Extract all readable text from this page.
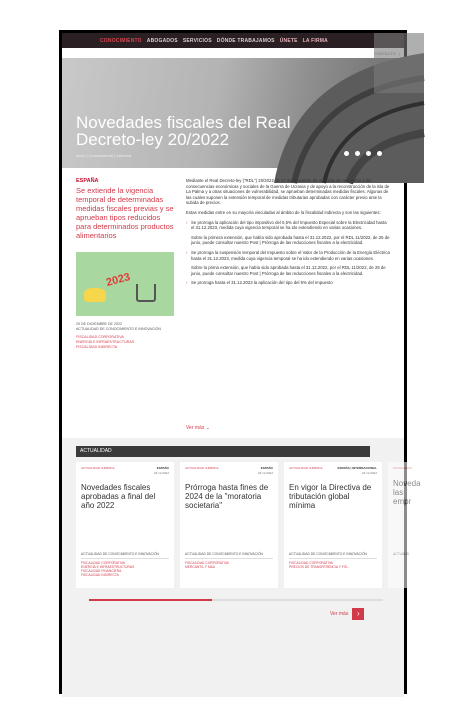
CONOCIMIENTO ABOGADOS SERVICIOS DÓNDE TRABAJAMOS ÚNETE LA FIRMA
Novedades fiscales del Real Decreto-ley 20/2022
Inicio | Conocimiento | Articulos
ESPAÑA
Se extiende la vigencia temporal de determinadas medidas fiscales previas y se aprueban tipos reducidos para determinados productos alimentarios
2023
29 DE DICIEMBRE DE 2022
ACTUALIDAD DE CONOCIMIENTO E INNOVACIÓN
FISCALIDAD CORPORATIVA
ENERGÍA E INFRAESTRUCTURAS
FISCALIDAD INDIRECTA

Mediante el Real Decreto-ley ("RDL") 20/2022 de 27 de diciembre de medidas de respuesta a las consecuencias económicas y sociales de la Guerra de Ucrania y de apoyo a la reconstrucción de la isla de La Palma y a otras situaciones de vulnerabilidad, se aprueban determinadas medidas fiscales. Algunas de las cuales suponen la extensión temporal de medidas tributarias aprobadas con carácter previo ante la subida de precios.

Estas medidas entre en su mayoría vinculadas al ámbito de la fiscalidad indirecta y son las siguientes:

› Se prorroga la aplicación del tipo impositivo del 0,5% del Impuesto Especial sobre la Electricidad hasta el 31.12.2023, medida cuya vigencia temporal se ha ido extendiendo en varias ocasiones.
Sobre la primera extensión, que había sido aprobada hasta el 31.12.2022, por el RDL 11/2022, de 25 de junio, puede consultar nuestro Post | Prórroga de las reducciones fiscales a la electricidad.
› Se prorroga la suspensión temporal del Impuesto sobre el Valor de la Producción de la Energía Eléctrica hasta el 31.12.2023, medida cuya vigencia temporal se ha ido extendiendo en varias ocasiones.
Sobre la prima extensión, que había sido aprobada hasta el 31.12.2022, por el RDL 11/2022, de 25 de junio, puede consultar nuestro Post | Prórroga de las reducciones fiscales a la electricidad.
› Se prorroga hasta el 31.12.2023 la aplicación del tipo del 5% del Impuesto
Ver más ⌄
ACTUALIDAD
ACTUALIDAD JURÍDICA	ESPAÑA
26.12.2022
Novedades fiscales aprobadas a final del año 2022
ACTUALIDAD DE CONOCIMIENTO E INNOVACIÓN
FISCALIDAD CORPORATIVA
ENERGÍA E INFRAESTRUCTURAS
FISCALIDAD FINANCIERA
FISCALIDAD INDIRECTA
ACTUALIDAD JURÍDICA	ESPAÑA
26.12.2022
Prórroga hasta fines de 2024 de la "moratoria societaria"
ACTUALIDAD DE CONOCIMIENTO E INNOVACIÓN
FISCALIDAD CORPORATIVA
MERCANTIL Y M&A
ACTUALIDAD JURÍDICA	ESPAÑA | INTERNACIONAL
22.12.2022
En vigor la Directiva de tributación global mínima
ACTUALIDAD DE CONOCIMIENTO E INNOVACIÓN
FISCALIDAD CORPORATIVA
PRECIOS DE TRANSFERENCIA Y FIS...
ACTUALIDAD
Noveda las empr
ACTUALID
Ver más	›
